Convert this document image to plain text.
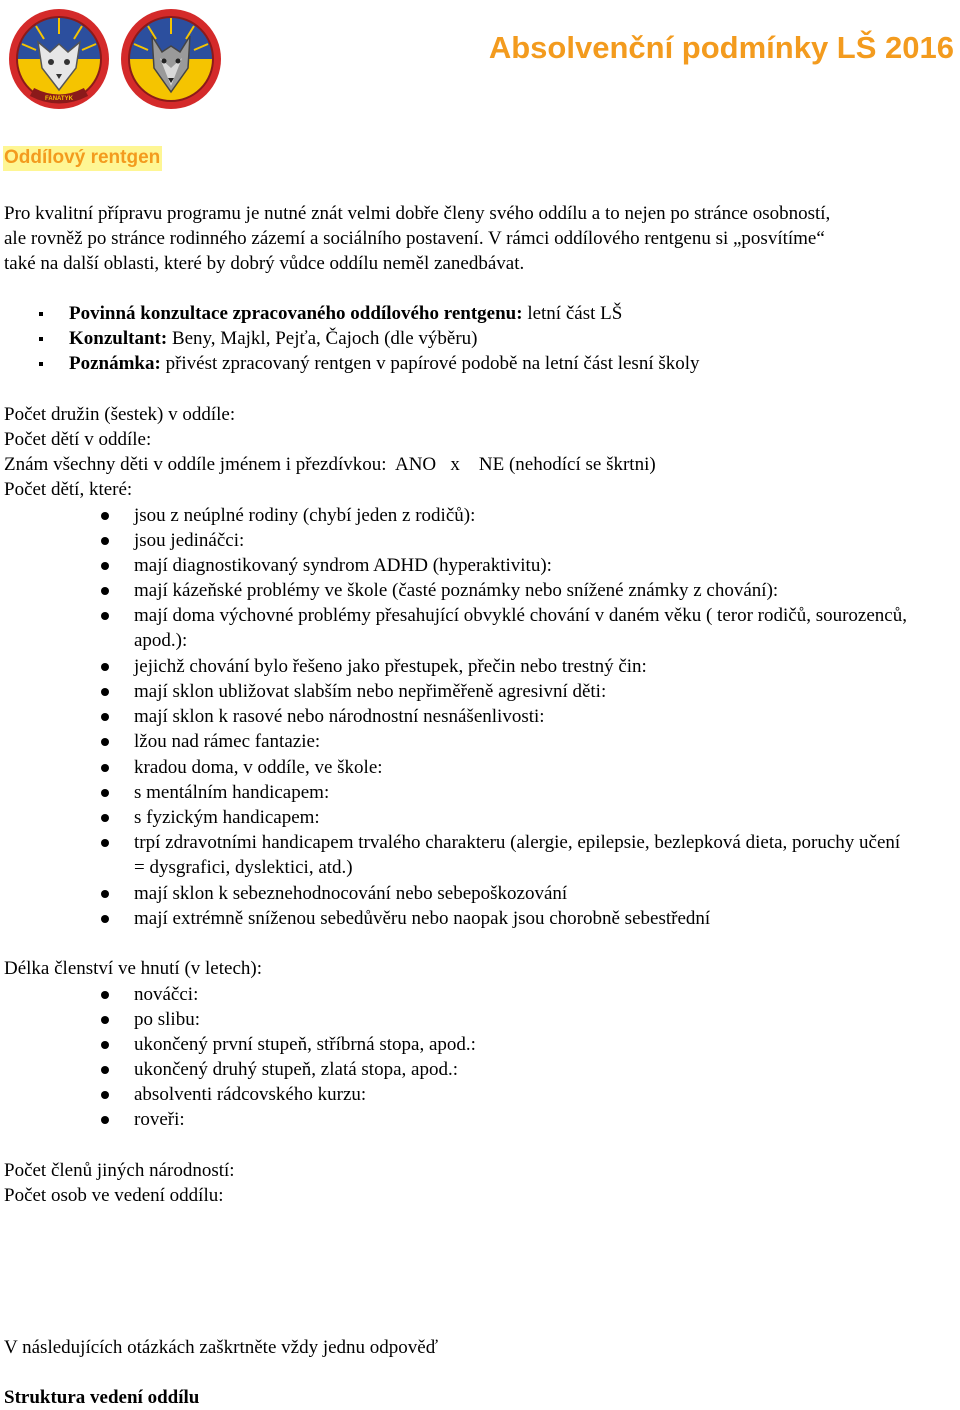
FANATYK
Absolvenční podmínky LŠ 2016
Oddílový rentgen
Pro kvalitní přípravu programu je nutné znát velmi dobře členy svého oddílu a to nejen po stránce osobností,
ale rovněž po stránce rodinného zázemí a sociálního postavení. V rámci oddílového rentgenu si „posvítíme“
také na další oblasti, které by dobrý vůdce oddílu neměl zanedbávat.
Povinná konzultace zpracovaného oddílového rentgenu: letní část LŠ
Konzultant: Beny, Majkl, Pejťa, Čajoch (dle výběru)
Poznámka: přivést zpracovaný rentgen v papírové podobě na letní část lesní školy
Počet družin (šestek) v oddíle:
Počet dětí v oddíle:
Znám všechny děti v oddíle jménem i přezdívkou:  ANO   x    NE (nehodící se škrtni)
Počet dětí, které:
jsou z neúplné rodiny (chybí jeden z rodičů):
jsou jedináčci:
mají diagnostikovaný syndrom ADHD (hyperaktivitu):
mají kázeňské problémy ve škole (časté poznámky nebo snížené známky z chování):
mají doma výchovné problémy přesahující obvyklé chování v daném věku ( teror rodičů, sourozenců, apod.):
jejichž chování bylo řešeno jako přestupek, přečin nebo trestný čin:
mají sklon ubližovat slabším nebo nepřiměřeně agresivní děti:
mají sklon k rasové nebo národnostní nesnášenlivosti:
lžou nad rámec fantazie:
kradou doma, v oddíle, ve škole:
s mentálním handicapem:
s fyzickým handicapem:
trpí zdravotními handicapem trvalého charakteru (alergie, epilepsie, bezlepková dieta, poruchy učení = dysgrafici, dyslektici, atd.)
mají sklon k sebeznehodnocování nebo sebepoškozování
mají extrémně sníženou sebedůvěru nebo naopak jsou chorobně sebestřední
Délka členství ve hnutí (v letech):
nováčci:
po slibu:
ukončený první stupeň, stříbrná stopa, apod.:
ukončený druhý stupeň, zlatá stopa, apod.:
absolventi rádcovského kurzu:
roveři:
Počet členů jiných národností:
Počet osob ve vedení oddílu:
V následujících otázkách zaškrtněte vždy jednu odpověď
Struktura vedení oddílu
